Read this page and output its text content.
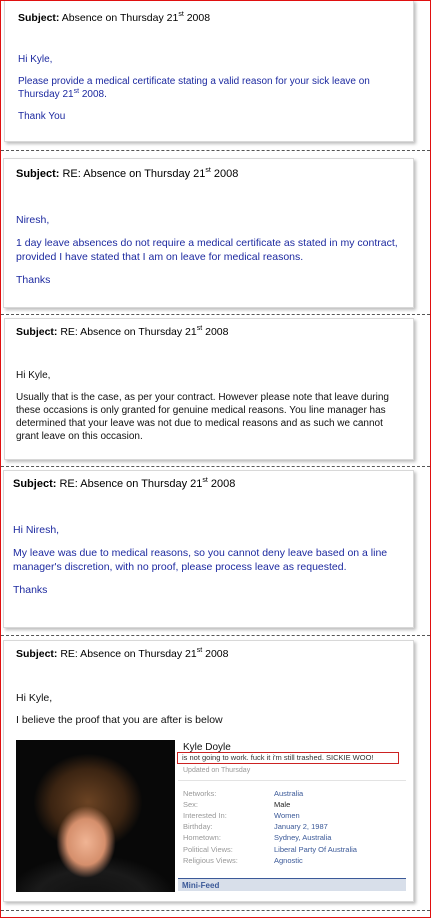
Subject: Absence on Thursday 21st 2008

Hi Kyle,

Please provide a medical certificate stating a valid reason for your sick leave on Thursday 21st 2008.

Thank You

Subject: RE: Absence on Thursday 21st 2008

Niresh,

1 day leave absences do not require a medical certificate as stated in my contract, provided I have stated that I am on leave for medical reasons.

Thanks

Subject: RE: Absence on Thursday 21st 2008

Hi Kyle,

Usually that is the case, as per your contract. However please note that leave during these occasions is only granted for genuine medical reasons. You line manager has determined that your leave was not due to medical reasons and as such we cannot grant leave on this occasion.

Subject: RE: Absence on Thursday 21st 2008

Hi Niresh,

My leave was due to medical reasons, so you cannot deny leave based on a line manager's discretion, with no proof, please process leave as requested.

Thanks

Subject: RE: Absence on Thursday 21st 2008

Hi Kyle,

I believe the proof that you are after is below

Kyle Doyle
is not going to work. fuck it i'm still trashed. SICKIE WOO!
Updated on Thursday
Networks:	Australia
Sex:	Male
Interested In:	Women
Birthday:	January 2, 1987
Hometown:	Sydney, Australia
Political Views:	Liberal Party Of Australia
Religious Views:	Agnostic
Mini-Feed
